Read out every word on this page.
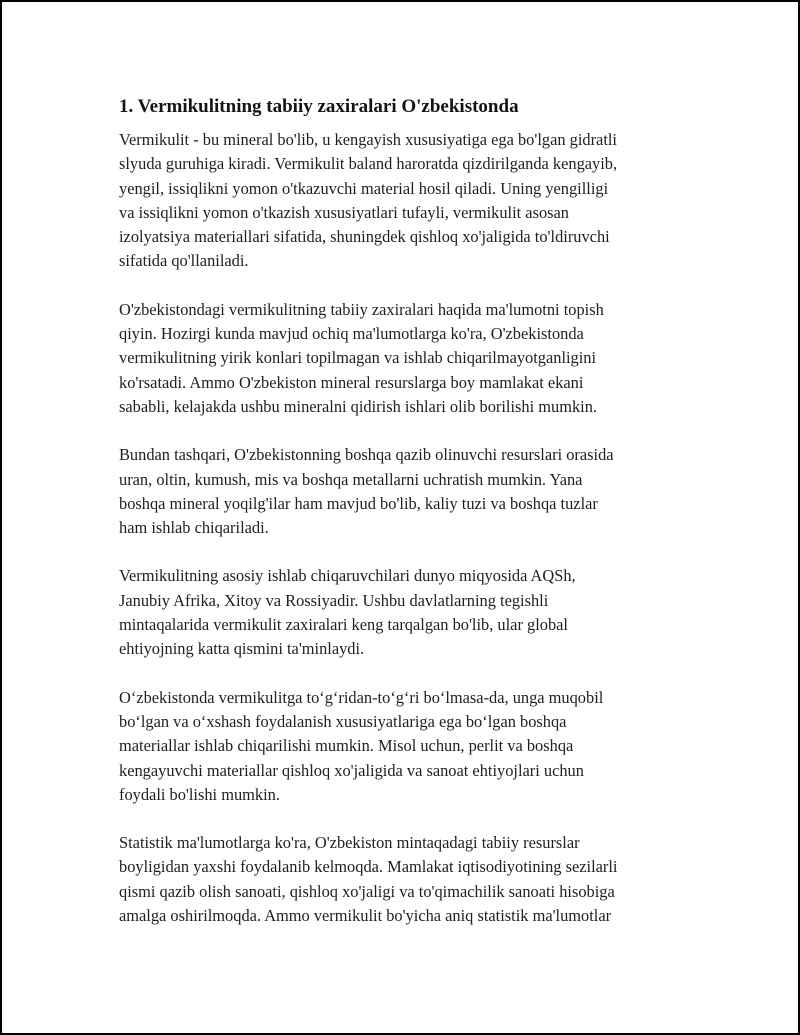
1. Vermikulitning tabiiy zaxiralari O'zbekistonda

Vermikulit - bu mineral bo'lib, u kengayish xususiyatiga ega bo'lgan gidratli
slyuda guruhiga kiradi. Vermikulit baland haroratda qizdirilganda kengayib,
yengil, issiqlikni yomon o'tkazuvchi material hosil qiladi. Uning yengilligi
va issiqlikni yomon o'tkazish xususiyatlari tufayli, vermikulit asosan
izolyatsiya materiallari sifatida, shuningdek qishloq xo'jaligida to'ldiruvchi
sifatida qo'llaniladi.

O'zbekistondagi vermikulitning tabiiy zaxiralari haqida ma'lumotni topish
qiyin. Hozirgi kunda mavjud ochiq ma'lumotlarga ko'ra, O'zbekistonda
vermikulitning yirik konlari topilmagan va ishlab chiqarilmayotganligini
ko'rsatadi. Ammo O'zbekiston mineral resurslarga boy mamlakat ekani
sababli, kelajakda ushbu mineralni qidirish ishlari olib borilishi mumkin.

Bundan tashqari, O'zbekistonning boshqa qazib olinuvchi resurslari orasida
uran, oltin, kumush, mis va boshqa metallarni uchratish mumkin. Yana
boshqa mineral yoqilg'ilar ham mavjud bo'lib, kaliy tuzi va boshqa tuzlar
ham ishlab chiqariladi.

Vermikulitning asosiy ishlab chiqaruvchilari dunyo miqyosida AQSh,
Janubiy Afrika, Xitoy va Rossiyadir. Ushbu davlatlarning tegishli
mintaqalarida vermikulit zaxiralari keng tarqalgan bo'lib, ular global
ehtiyojning katta qismini ta'minlaydi.

O‘zbekistonda vermikulitga to‘g‘ridan-to‘g‘ri bo‘lmasa-da, unga muqobil
bo‘lgan va o‘xshash foydalanish xususiyatlariga ega bo‘lgan boshqa
materiallar ishlab chiqarilishi mumkin. Misol uchun, perlit va boshqa
kengayuvchi materiallar qishloq xo'jaligida va sanoat ehtiyojlari uchun
foydali bo'lishi mumkin.

Statistik ma'lumotlarga ko'ra, O'zbekiston mintaqadagi tabiiy resurslar
boyligidan yaxshi foydalanib kelmoqda. Mamlakat iqtisodiyotining sezilarli
qismi qazib olish sanoati, qishloq xo'jaligi va to'qimachilik sanoati hisobiga
amalga oshirilmoqda. Ammo vermikulit bo'yicha aniq statistik ma'lumotlar
